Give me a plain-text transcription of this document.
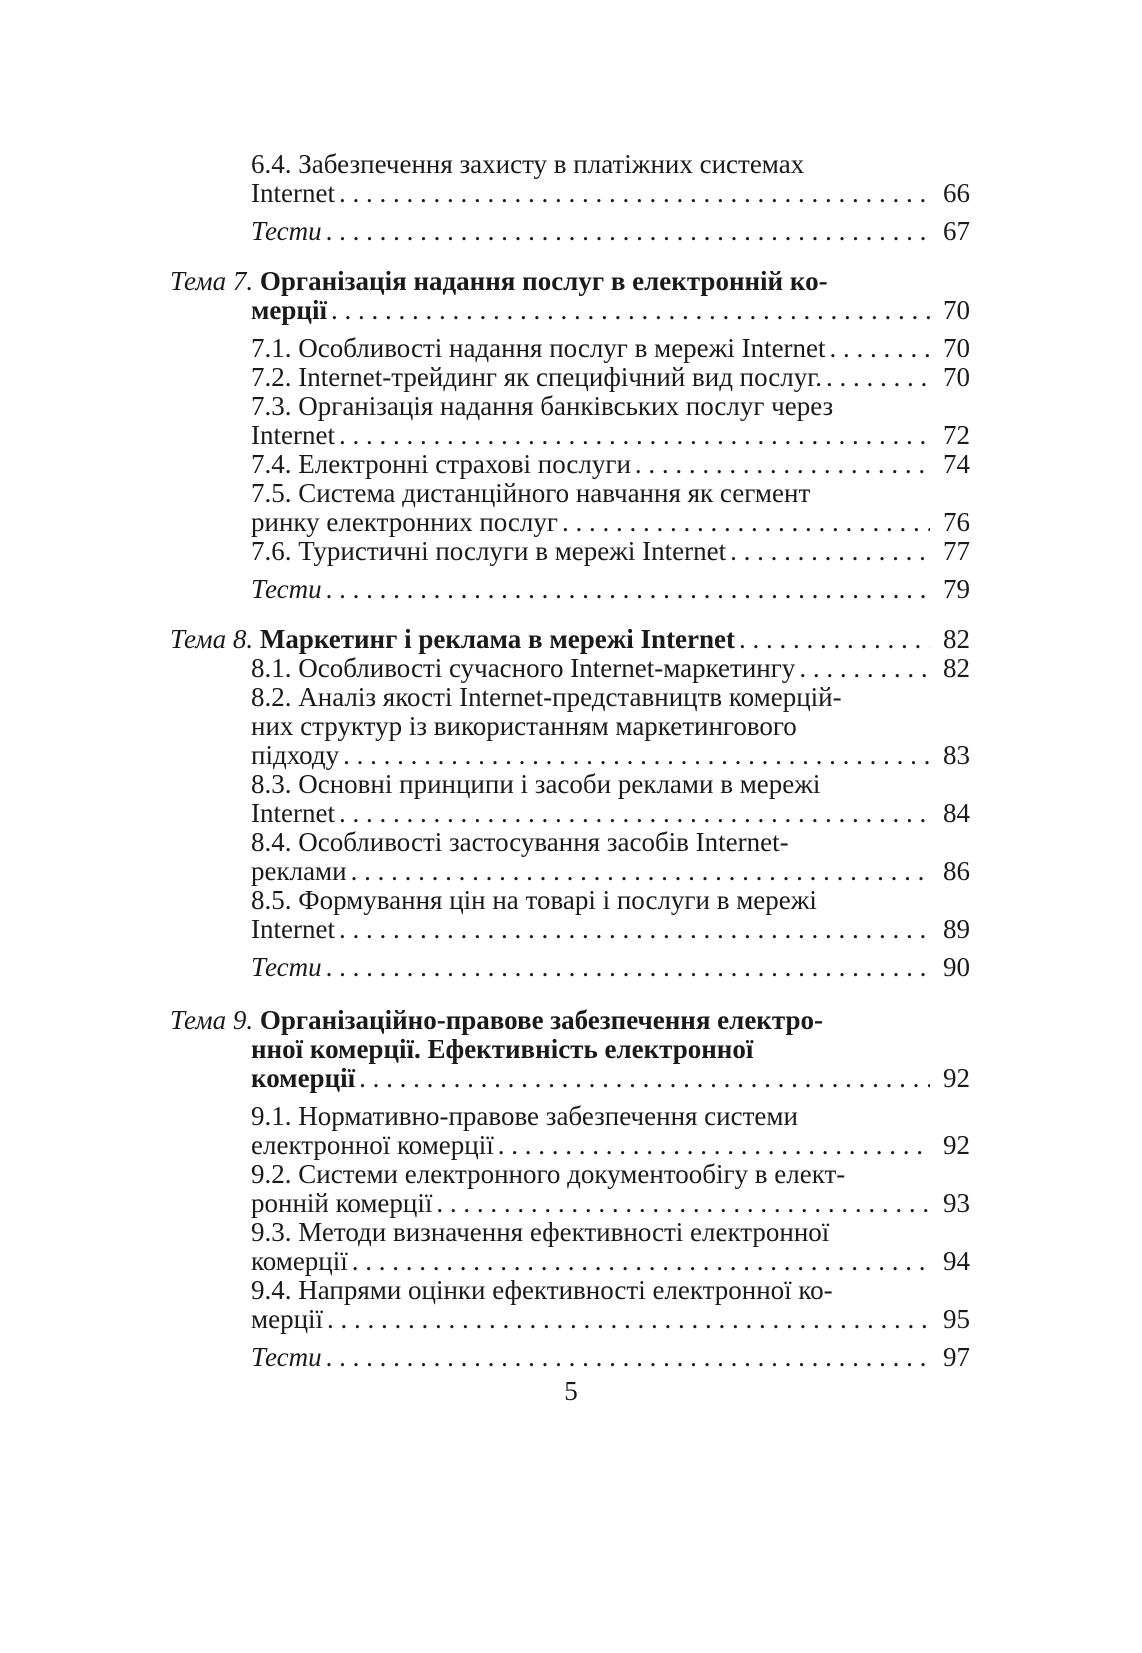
6.4. Забезпечення захисту в платіжних системах
Internet . . .	66
Тести . . .	67
Тема 7. Організація надання послуг в електронній ко-
мерції . . .	70
7.1. Особливості надання послуг в мережі Internet . . .	70
7.2. Internet-трейдинг як специфічний вид послуг. . . .	70
7.3. Організація надання банківських послуг через
Internet . . .	72
7.4. Електронні страхові послуги . . .	74
7.5. Система дистанційного навчання як сегмент
ринку електронних послуг . . .	76
7.6. Туристичні послуги в мережі Internet . . .	77
Тести . . .	79
Тема 8. Маркетинг і реклама в мережі Internet . . .	82
8.1. Особливості сучасного Internet-маркетингу . . .	82
8.2. Аналіз якості Internet-представництв комерцій-
них структур із використанням маркетингового
підходу . . .	83
8.3. Основні принципи і засоби реклами в мережі
Internet . . .	84
8.4. Особливості застосування засобів Internet-
реклами . . .	86
8.5. Формування цін на товарі і послуги в мережі
Internet . . .	89
Тести . . .	90
Тема 9. Організаційно-правове забезпечення електро-
нної комерції. Ефективність електронної
комерції . . .	92
9.1. Нормативно-правове забезпечення системи
електронної комерції . . .	92
9.2. Системи електронного документообігу в елект-
ронній комерції . . .	93
9.3. Методи визначення ефективності електронної
комерції . . .	94
9.4. Напрями оцінки ефективності електронної ко-
мерції . . .	95
Тести . . .	97
5
